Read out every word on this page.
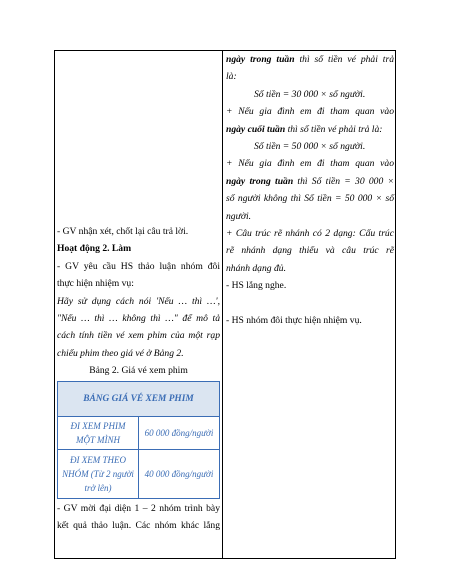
- GV nhận xét, chốt lại câu trả lời.

Hoạt động 2. Làm

- GV yêu cầu HS thảo luận nhóm đôi

thực hiện nhiệm vụ:

Hãy sử dụng cách nói 'Nếu … thì …',

"Nếu … thì … không thì …" để mô tả

cách tính tiền vé xem phim của một rạp

chiếu phim theo giá vé ở Bảng 2.

Bảng 2. Giá vé xem phim

BẢNG GIÁ VÉ XEM PHIM	
ĐI XEM PHIM MỘT MÌNH	60 000 đồng/người
ĐI XEM THEO NHÓM (Từ 2 người trở lên)	40 000 đồng/người

- GV mời đại diện 1 – 2 nhóm trình bày

kết quả thảo luận. Các nhóm khác lắng

ngày trong tuần thì số tiền vé phải trả

là:

Số tiền = 30 000 × số người.

+ Nếu gia đình em đi tham quan vào

ngày cuối tuần thì số tiền vé phải trả là:

Số tiền = 50 000 × số người.

+ Nếu gia đình em đi tham quan vào

ngày trong tuần thì Số tiền = 30 000 ×

số người không thì Số tiền = 50 000 × số

người.

+ Câu trúc rẽ nhánh có 2 dạng: Cấu trúc

rẽ nhánh dạng thiếu và câu trúc rẽ

nhánh dạng đủ.

- HS lắng nghe.

- HS nhóm đôi thực hiện nhiệm vụ.
